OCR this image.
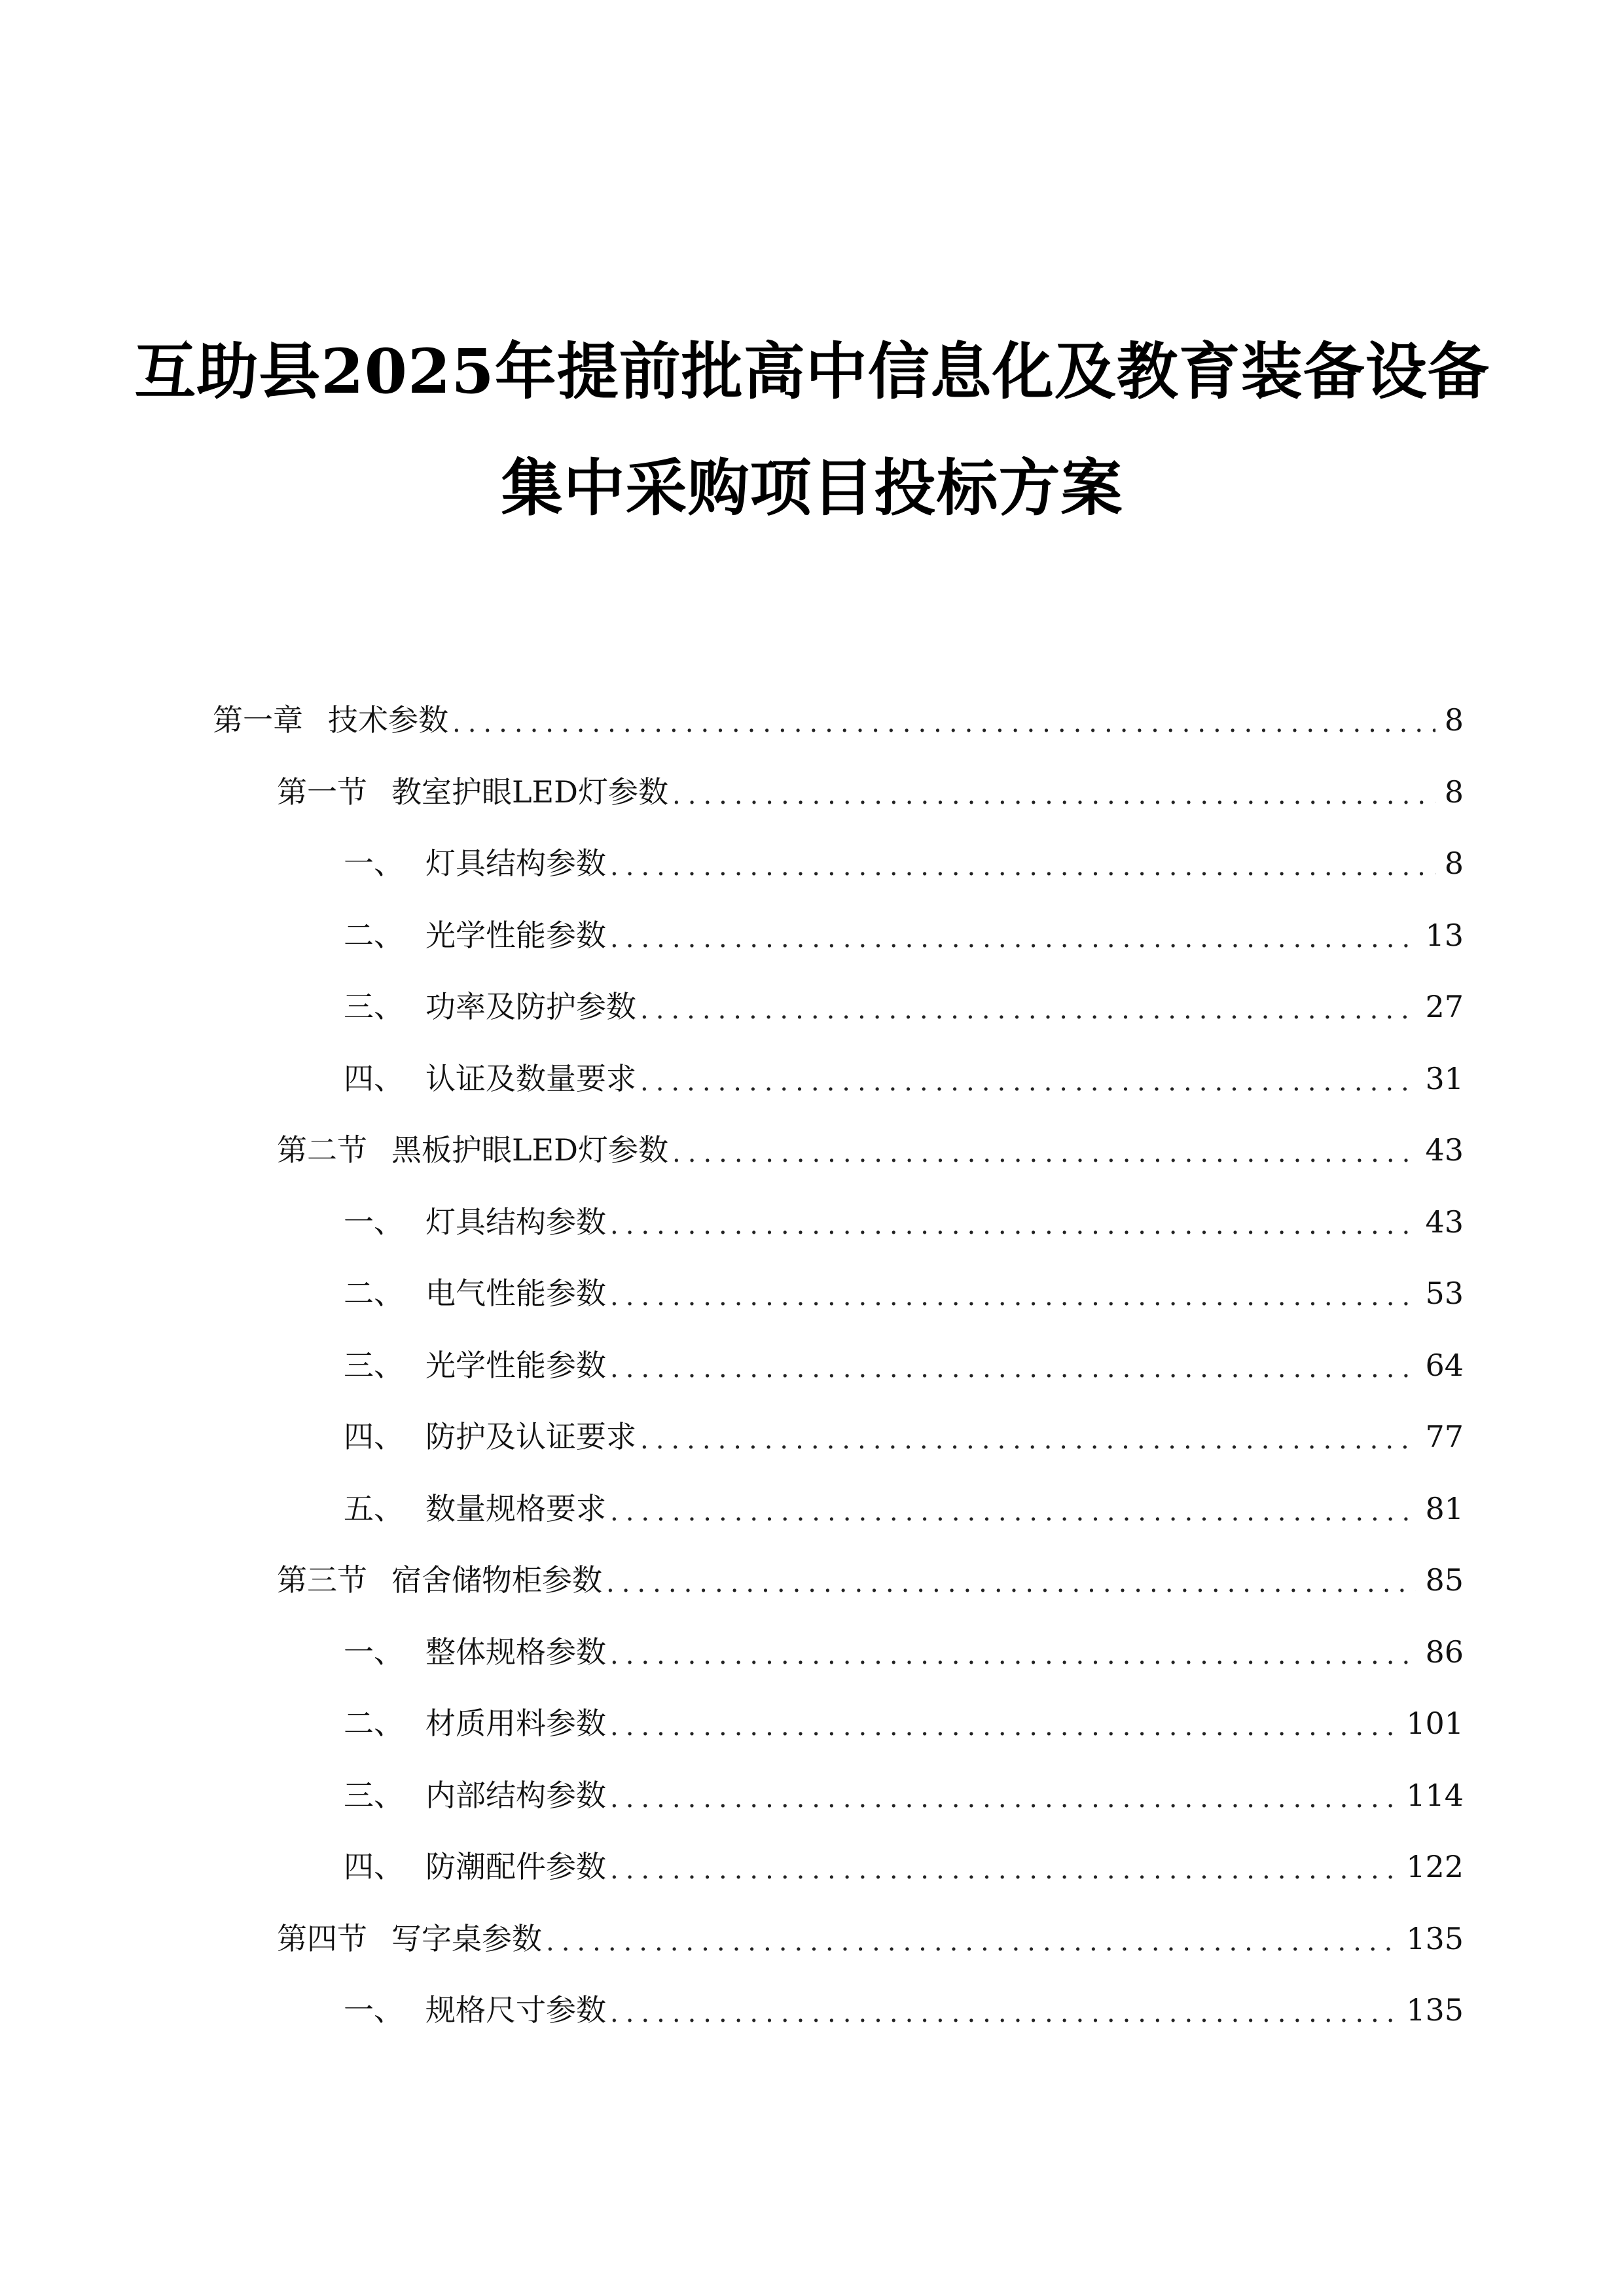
互助县2025年提前批高中信息化及教育装备设备
集中采购项目投标方案
第一章 技术参数 .....	8
第一节 教室护眼LED灯参数 .....	8
一、 灯具结构参数 .....	8
二、 光学性能参数 .....	13
三、 功率及防护参数 .....	27
四、 认证及数量要求 .....	31
第二节 黑板护眼LED灯参数 .....	43
一、 灯具结构参数 .....	43
二、 电气性能参数 .....	53
三、 光学性能参数 .....	64
四、 防护及认证要求 .....	77
五、 数量规格要求 .....	81
第三节 宿舍储物柜参数 .....	85
一、 整体规格参数 .....	86
二、 材质用料参数 .....	101
三、 内部结构参数 .....	114
四、 防潮配件参数 .....	122
第四节 写字桌参数 .....	135
一、 规格尺寸参数 .....	135
